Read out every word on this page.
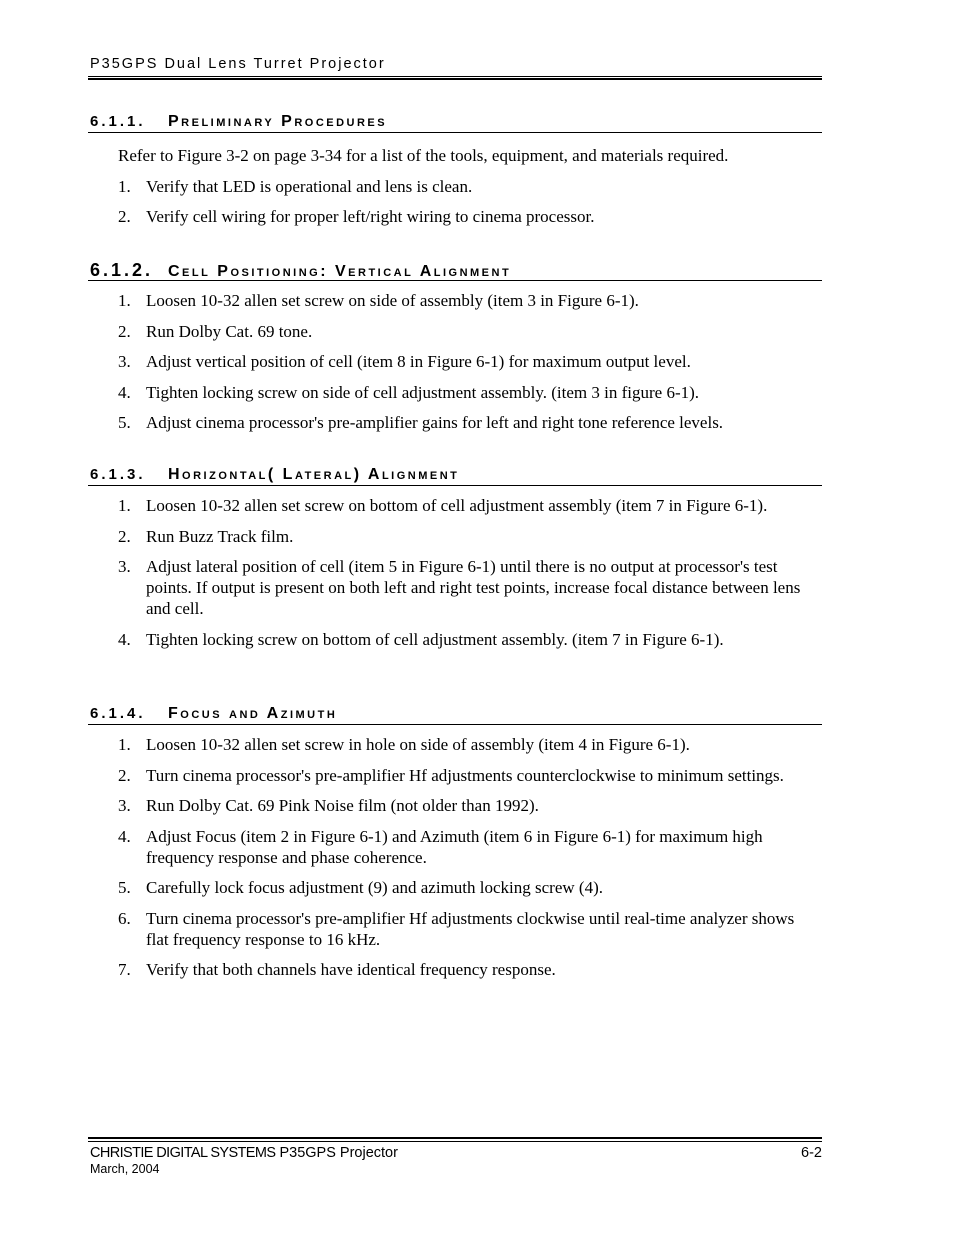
P35GPS Dual Lens Turret Projector
6.1.1. Preliminary Procedures

Refer to Figure 3-2 on page 3-34 for a list of the tools, equipment, and materials required.

1. Verify that LED is operational and lens is clean.
2. Verify cell wiring for proper left/right wiring to cinema processor.
6.1.2. Cell Positioning: Vertical Alignment
1. Loosen 10-32 allen set screw on side of assembly (item 3 in Figure 6-1).
2. Run Dolby Cat. 69 tone.
3. Adjust vertical position of cell (item 8 in Figure 6-1) for maximum output level.
4. Tighten locking screw on side of cell adjustment assembly. (item 3 in figure 6-1).
5. Adjust cinema processor's pre-amplifier gains for left and right tone reference levels.
6.1.3. Horizontal( Lateral) Alignment
1. Loosen 10-32 allen set screw on bottom of cell adjustment assembly (item 7 in Figure 6-1).
2. Run Buzz Track film.
3. Adjust lateral position of cell (item 5 in Figure 6-1) until there is no output at processor's test points. If output is present on both left and right test points, increase focal distance between lens and cell.
4. Tighten locking screw on bottom of cell adjustment assembly. (item 7 in Figure 6-1).
6.1.4. Focus and Azimuth
1. Loosen 10-32 allen set screw in hole on side of assembly (item 4 in Figure 6-1).
2. Turn cinema processor's pre-amplifier Hf adjustments counterclockwise to minimum settings.
3. Run Dolby Cat. 69 Pink Noise film (not older than 1992).
4. Adjust Focus (item 2 in Figure 6-1) and Azimuth (item 6 in Figure 6-1) for maximum high frequency response and phase coherence.
5. Carefully lock focus adjustment (9) and azimuth locking screw (4).
6. Turn cinema processor's pre-amplifier Hf adjustments clockwise until real-time analyzer shows flat frequency response to 16 kHz.
7. Verify that both channels have identical frequency response.
CHRISTIE DIGITAL SYSTEMS P35GPS Projector	6-2
March, 2004
